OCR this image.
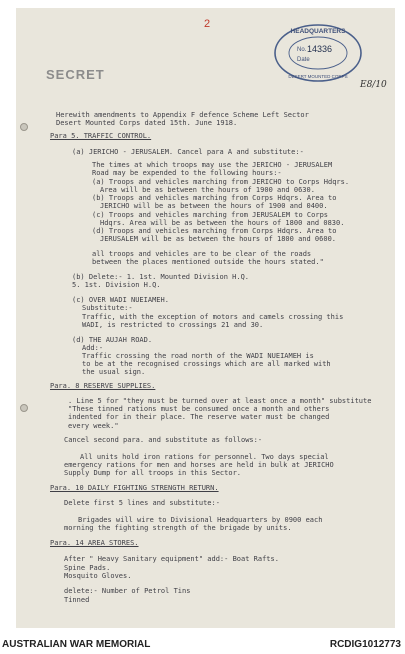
2
HEADQUARTERS
No. 14336
Date
DESERT MOUNTED CORPS
E8/10
SECRET
Herewith amendments to Appendix F defence Scheme Left Sector
Desert Mounted Corps dated 15th. June 1918.
Para 5. TRAFFIC CONTROL.
(a) JERICHO - JERUSALEM. Cancel para A and substitute:-
The times at which troops may use the JERICHO - JERUSALEM
Road may be expended to the following hours:-
(a) Troops and vehicles marching from JERICHO to Corps Hdqrs.
Area will be as between the hours of 1900 and 0630.
(b) Troops and vehicles marching from Corps Hdqrs. Area to
JERICHO will be as between the hours of 1900 and 0400.
(c) Troops and vehicles marching from JERUSALEM to Corps
Hdqrs. Area will be as between the hours of 1800 and 0830.
(d) Troops and vehicles marching from Corps Hdqrs. Area to
JERUSALEM will be as between the hours of 1800 and 0600.
all troops and vehicles are to be clear of the roads
between the places mentioned outside the hours stated."
(b) Delete:- 1. 1st. Mounted Division H.Q.
5. 1st. Division H.Q.
(c) OVER WADI NUEIAMEH.
Substitute:-
Traffic, with the exception of motors and camels crossing this
WADI, is restricted to crossings 21 and 30.
(d) THE AUJAH ROAD.
Add:-
Traffic crossing the road north of the WADI NUEIAMEH is
to be at the recognised crossings which are all marked with
the usual sign.
Para. 8 RESERVE SUPPLIES.
. Line 5 for "they must be turned over at least once a month" substitute
"These tinned rations must be consumed once a month and others
indented for in their place. The reserve water must be changed
every week."
Cancel second para. and substitute as follows:-
All units hold iron rations for personnel. Two days special
emergency rations for men and horses are held in bulk at JERICHO
Supply Dump for all troops in this Sector.
Para. 10 DAILY FIGHTING STRENGTH RETURN.
Delete first 5 lines and substitute:-
Brigades will wire to Divisional Headquarters by 0900 each
morning the fighting strength of the brigade by units.
Para. 14 AREA STORES.
After " Heavy Sanitary equipment" add:- Boat Rafts.
Spine Pads.
Mosquito Gloves.
delete:- Number of Petrol Tins
Tinned
AUSTRALIAN WAR MEMORIAL	RCDIG1012773
